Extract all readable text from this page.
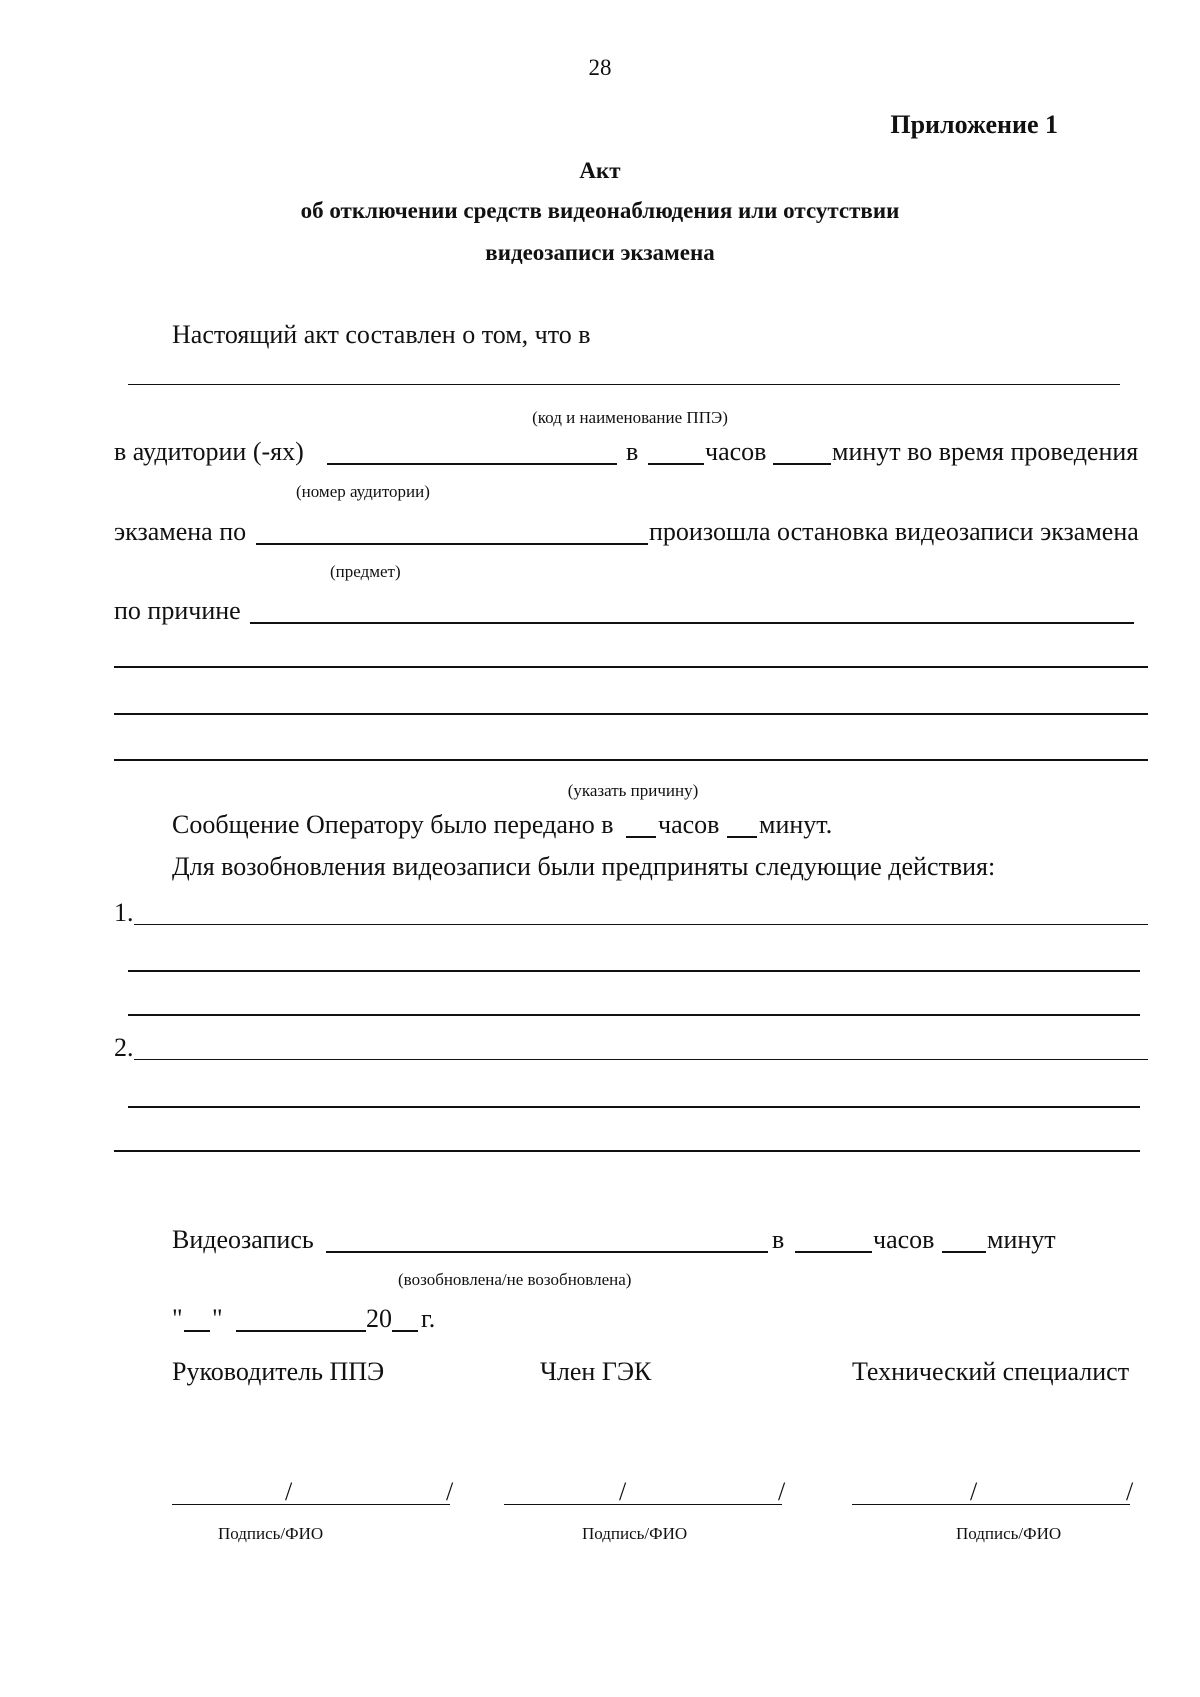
28
Приложение 1
Акт
об отключении средств видеонаблюдения или отсутствии
видеозаписи экзамена
Настоящий акт составлен о том, что в
(код и наименование ППЭ)
в аудитории (-ях)	в	часов	минут во время проведения
(номер аудитории)
экзамена по	произошла остановка видеозаписи экзамена
(предмет)
по причине
(указать причину)
Сообщение Оператору было передано в часов минут.
Для возобновления видеозаписи были предприняты следующие действия:
1.
2.
Видеозапись	в	часов минут
(возобновлена/не возобновлена)
" "	20 г.
Руководитель ППЭ	Член ГЭК	Технический специалист
/	/	/	/	/	/
Подпись/ФИО	Подпись/ФИО	Подпись/ФИО
